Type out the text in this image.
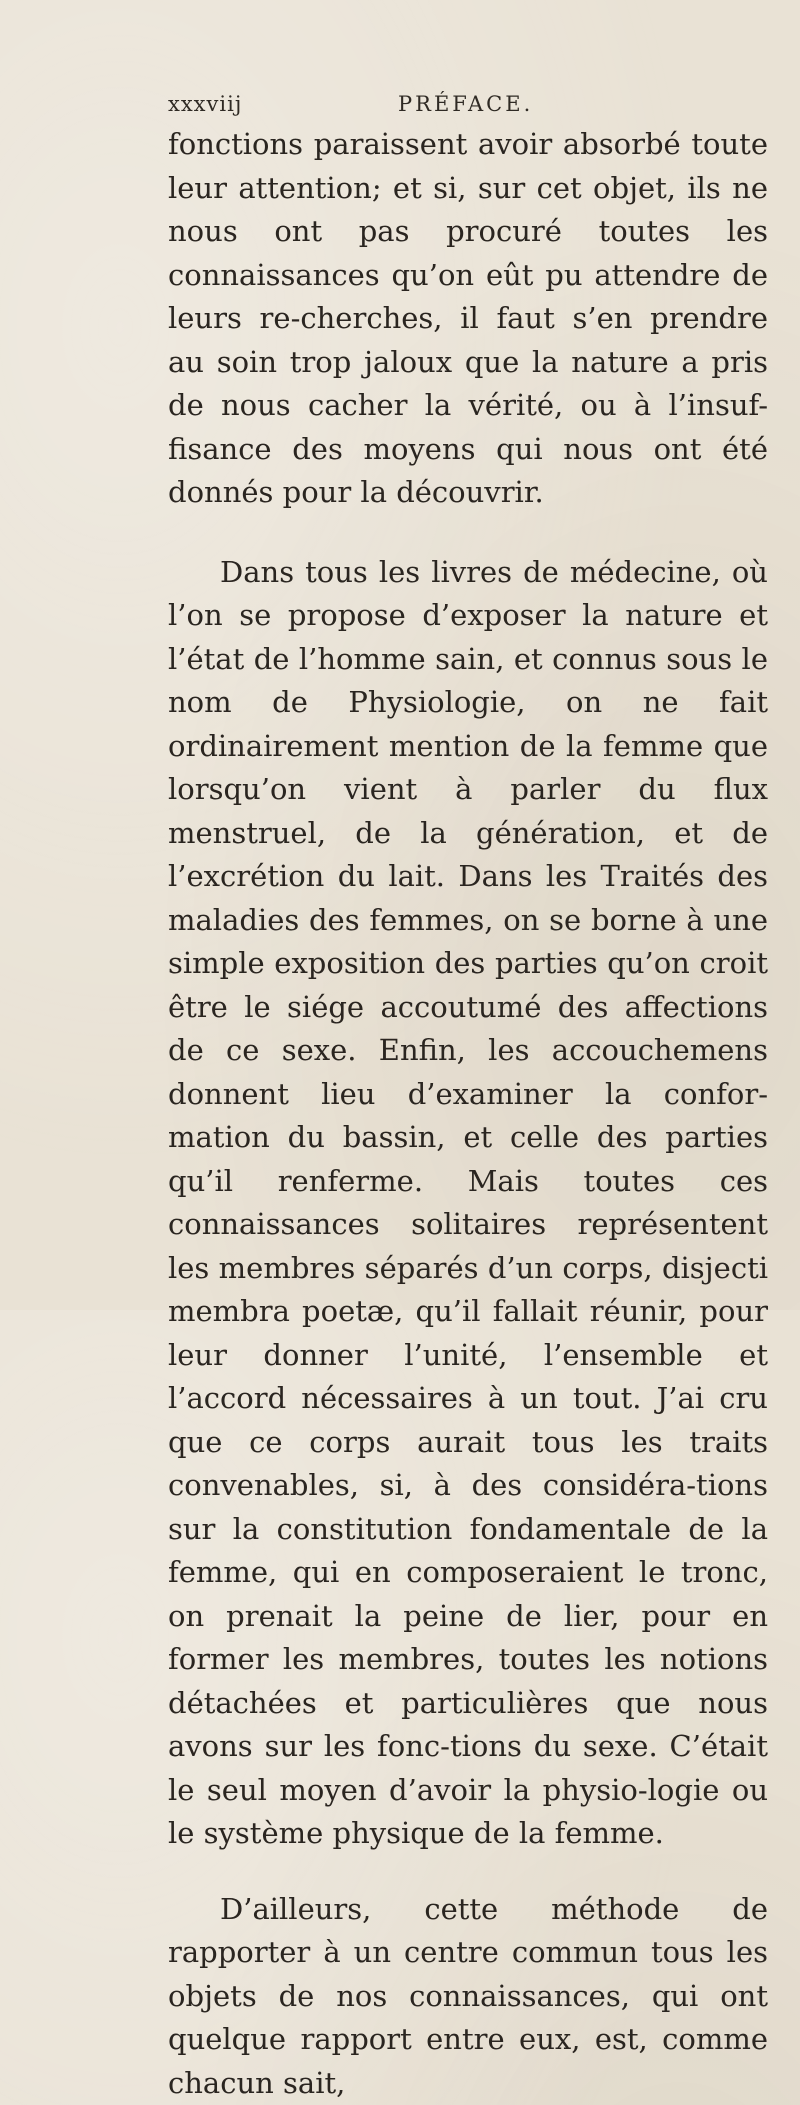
xxxviij	PRÉFACE.

fonctions paraissent avoir absorbé toute leur attention; et si, sur cet objet, ils ne nous ont pas procuré toutes les connaissances qu’on eût pu attendre de leurs re-cherches, il faut s’en prendre au soin trop jaloux que la nature a pris de nous cacher la vérité, ou à l’insuf-fisance des moyens qui nous ont été donnés pour la découvrir.

Dans tous les livres de médecine, où l’on se propose d’exposer la nature et l’état de l’homme sain, et connus sous le nom de Physiologie, on ne fait ordinairement mention de la femme que lorsqu’on vient à parler du flux menstruel, de la génération, et de l’excrétion du lait. Dans les Traités des maladies des femmes, on se borne à une simple exposition des parties qu’on croit être le siége accoutumé des affections de ce sexe. Enfin, les accouchemens donnent lieu d’examiner la confor-mation du bassin, et celle des parties qu’il renferme. Mais toutes ces connaissances solitaires représentent les membres séparés d’un corps, disjecti membra poetæ, qu’il fallait réunir, pour leur donner l’unité, l’ensemble et l’accord nécessaires à un tout. J’ai cru que ce corps aurait tous les traits convenables, si, à des considéra-tions sur la constitution fondamentale de la femme, qui en composeraient le tronc, on prenait la peine de lier, pour en former les membres, toutes les notions détachées et particulières que nous avons sur les fonc-tions du sexe. C’était le seul moyen d’avoir la physio-logie ou le système physique de la femme.

D’ailleurs, cette méthode de rapporter à un centre commun tous les objets de nos connaissances, qui ont quelque rapport entre eux, est, comme chacun sait,
